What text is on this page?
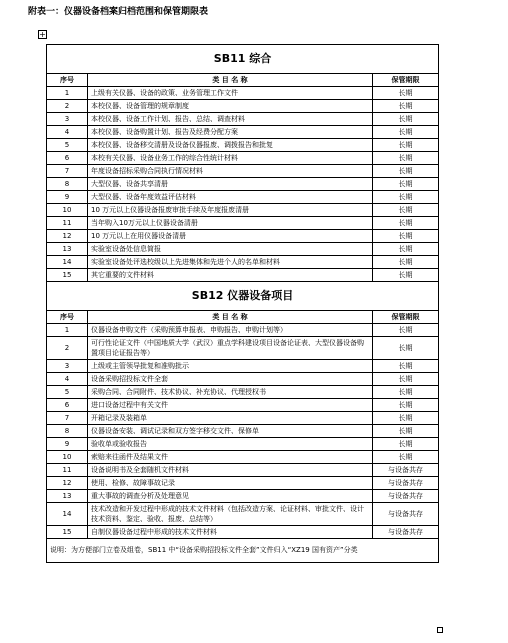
附表一：仪器设备档案归档范围和保管期限表
+
SB11 综合		
序号	类 目 名 称	保管期限
1	上级有关仪器、设备的政策、业务管理工作文件	长期
2	本校仪器、设备管理的规章制度	长期
3	本校仪器、设备工作计划、报告、总结、调查材料	长期
4	本校仪器、设备购置计划、报告及经费分配方案	长期
5	本校仪器、设备移交清册及设备仪器报废、调拨报告和批复	长期
6	本校有关仪器、设备业务工作的综合性统计材料	长期
7	年度设备招标采购合同执行情况材料	长期
8	大型仪器、设备共享清册	长期
9	大型仪器、设备年度效益评估材料	长期
10	10 万元以上仪器设备报废审批手续及年度报废清册	长期
11	当年购入10万元以上仪器设备清册	长期
12	10 万元以上在用仪器设备清册	长期
13	实验室设备处信息简报	长期
14	实验室设备处评选校级以上先进集体和先进个人的名单和材料	长期
15	其它重要的文件材料	长期
SB12 仪器设备项目		
序号	类 目 名 称	保管期限
1	仪器设备申购文件（采购预算申报表、申购报告、申购计划等）	长期
2	可行性论证文件（中国地质大学（武汉）重点学科建设项目设备论证表、大型仪器设备购置项目论证报告等）	长期
3	上级或主管领导批复和准购批示	长期
4	设备采购招投标文件全套	长期
5	采购合同、合同附件、技术协议、补充协议、代理授权书	长期
6	进口设备过程中有关文件	长期
7	开箱记录及装箱单	长期
8	仪器设备安装、调试记录和双方签字移交文件、保修单	长期
9	验收单或验收报告	长期
10	索赔来往函件及结果文件	长期
11	设备说明书及全套随机文件材料	与设备共存
12	使用、检修、故障事故记录	与设备共存
13	重大事故的调查分析及处理意见	与设备共存
14	技术改造和开发过程中形成的技术文件材料（包括改造方案、论证材料、审批文件、设计技术资料、鉴定、验收、报废、总结等）	与设备共存
15	自制仪器设备过程中形成的技术文件材料	与设备共存
说明：为方便部门立卷及组卷，SB11 中“设备采购招投标文件全套”文件归入“XZ19 国有资产”分类		
